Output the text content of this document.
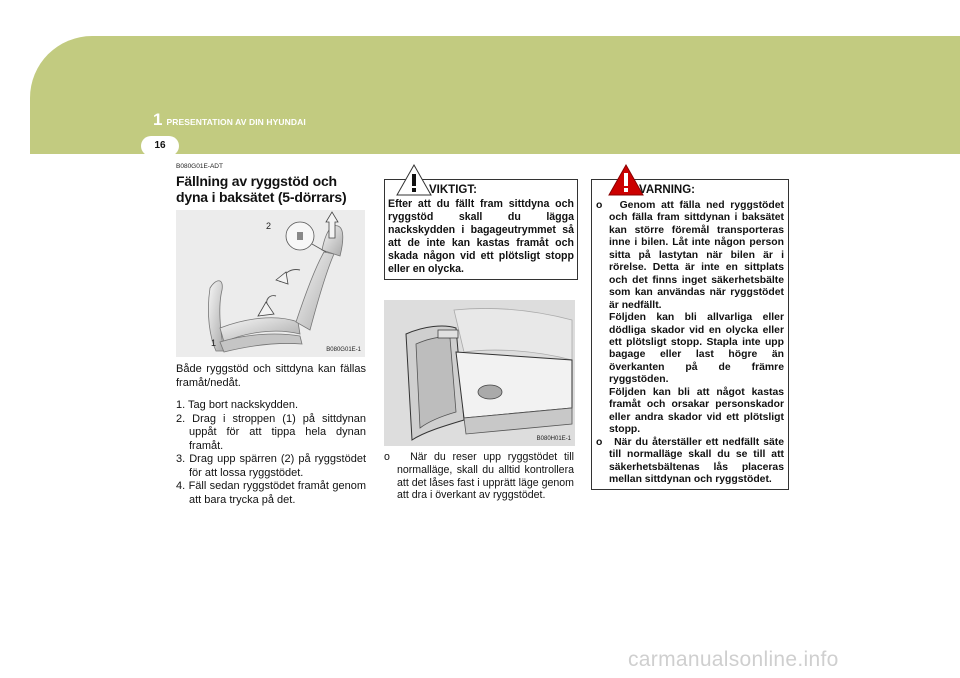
1 PRESENTATION AV DIN HYUNDAI
16
B080G01E-ADT
Fällning av ryggstöd och dyna i baksätet (5-dörrars)
1
2
B080G01E-1

Både ryggstöd och sittdyna kan fällas framåt/nedåt.

1. Tag bort nackskydden.
2. Drag i stroppen (1) på sittdynan uppåt för att tippa hela dynan framåt.
3. Drag upp spärren (2) på ryggstödet för att lossa ryggstödet.
4. Fäll sedan ryggstödet framåt genom att bara trycka på det.
VIKTIGT:
Efter att du fällt fram sittdyna och ryggstöd skall du lägga nackskydden i bagageutrymmet så att de inte kan kastas framåt och skada någon vid ett plötsligt stopp eller en olycka.
B080H01E-1
o När du reser upp ryggstödet till normalläge, skall du alltid kontrollera att det låses fast i upprätt läge genom att dra i överkant av ryggstödet.
VARNING:
o Genom att fälla ned ryggstödet och fälla fram sittdynan i baksätet kan större föremål transporteras inne i bilen. Låt inte någon person sitta på lastytan när bilen är i rörelse. Detta är inte en sittplats och det finns inget säkerhetsbälte som kan användas när ryggstödet är nedfällt.
Följden kan bli allvarliga eller dödliga skador vid en olycka eller ett plötsligt stopp. Stapla inte upp bagage eller last högre än överkanten på de främre ryggstöden.
Följden kan bli att något kastas framåt och orsakar personskador eller andra skador vid ett plötsligt stopp.
o När du återställer ett nedfällt säte till normalläge skall du se till att säkerhetsbältenas lås placeras mellan sittdynan och ryggstödet.
carmanualsonline.info
